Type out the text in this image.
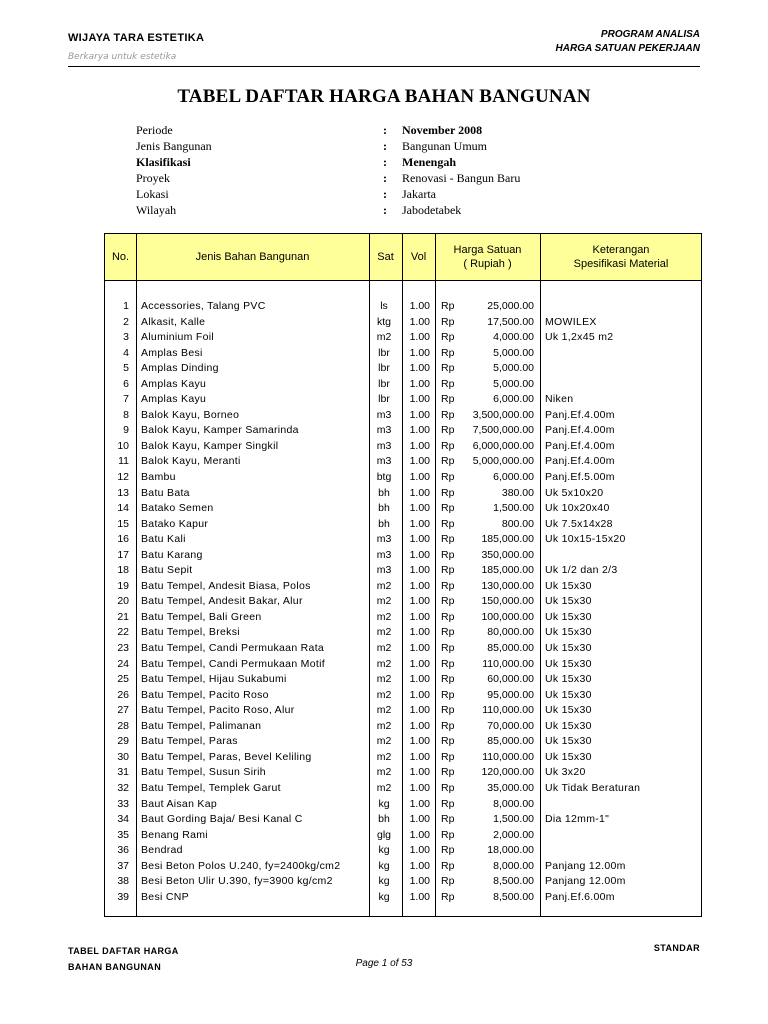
WIJAYA TARA ESTETIKA
Berkarya untuk estetika
PROGRAM ANALISA
HARGA SATUAN PEKERJAAN
TABEL DAFTAR HARGA BAHAN BANGUNAN
Periode	: November 2008
Jenis Bangunan	: Bangunan Umum
Klasifikasi	: Menengah
Proyek	: Renovasi - Bangun Baru
Lokasi	: Jakarta
Wilayah	: Jabodetabek
No.	Jenis Bahan Bangunan	Sat	Vol
Harga Satuan
( Rupiah )
Keterangan
Spesifikasi Material
1 Accessories, Talang PVC	ls	1.00 Rp	25,000.00
2 Alkasit, Kalle	ktg	1.00 Rp	17,500.00 MOWILEX
3 Aluminium Foil	m2	1.00 Rp	4,000.00 Uk 1,2x45 m2
4 Amplas Besi	lbr	1.00 Rp	5,000.00
5 Amplas Dinding	lbr	1.00 Rp	5,000.00
6 Amplas Kayu	lbr	1.00 Rp	5,000.00
7 Amplas Kayu	lbr	1.00 Rp	6,000.00 Niken
8 Balok Kayu, Borneo	m3	1.00 Rp	3,500,000.00 Panj.Ef.4.00m
9 Balok Kayu, Kamper Samarinda	m3	1.00 Rp	7,500,000.00 Panj.Ef.4.00m
10 Balok Kayu, Kamper Singkil	m3	1.00 Rp	6,000,000.00 Panj.Ef.4.00m
11 Balok Kayu, Meranti	m3	1.00 Rp	5,000,000.00 Panj.Ef.4.00m
12 Bambu	btg	1.00 Rp	6,000.00 Panj.Ef.5.00m
13 Batu Bata	bh	1.00 Rp	380.00 Uk 5x10x20
14 Batako Semen	bh	1.00 Rp	1,500.00 Uk 10x20x40
15 Batako Kapur	bh	1.00 Rp	800.00 Uk 7.5x14x28
16 Batu Kali	m3	1.00 Rp	185,000.00 Uk 10x15-15x20
17 Batu Karang	m3	1.00 Rp	350,000.00
18 Batu Sepit	m3	1.00 Rp	185,000.00 Uk 1/2 dan 2/3
19 Batu Tempel, Andesit Biasa, Polos	m2	1.00 Rp	130,000.00 Uk 15x30
20 Batu Tempel, Andesit Bakar, Alur	m2	1.00 Rp	150,000.00 Uk 15x30
21 Batu Tempel, Bali Green	m2	1.00 Rp	100,000.00 Uk 15x30
22 Batu Tempel, Breksi	m2	1.00 Rp	80,000.00 Uk 15x30
23 Batu Tempel, Candi Permukaan Rata	m2	1.00 Rp	85,000.00 Uk 15x30
24 Batu Tempel, Candi Permukaan Motif	m2	1.00 Rp	110,000.00 Uk 15x30
25 Batu Tempel, Hijau Sukabumi	m2	1.00 Rp	60,000.00 Uk 15x30
26 Batu Tempel, Pacito Roso	m2	1.00 Rp	95,000.00 Uk 15x30
27 Batu Tempel, Pacito Roso, Alur	m2	1.00 Rp	110,000.00 Uk 15x30
28 Batu Tempel, Palimanan	m2	1.00 Rp	70,000.00 Uk 15x30
29 Batu Tempel, Paras	m2	1.00 Rp	85,000.00 Uk 15x30
30 Batu Tempel, Paras, Bevel Keliling	m2	1.00 Rp	110,000.00 Uk 15x30
31 Batu Tempel, Susun Sirih	m2	1.00 Rp	120,000.00 Uk 3x20
32 Batu Tempel, Templek Garut	m2	1.00 Rp	35,000.00 Uk Tidak Beraturan
33 Baut Aisan Kap	kg	1.00 Rp	8,000.00
34 Baut Gording Baja/ Besi Kanal C	bh	1.00 Rp	1,500.00 Dia 12mm-1"
35 Benang Rami	glg	1.00 Rp	2,000.00
36 Bendrad	kg	1.00 Rp	18,000.00
37 Besi Beton Polos U.240, fy=2400kg/cm2	kg	1.00 Rp	8,000.00 Panjang 12.00m
38 Besi Beton Ulir U.390, fy=3900 kg/cm2	kg	1.00 Rp	8,500.00 Panjang 12.00m
39 Besi CNP	kg	1.00 Rp	8,500.00 Panj.Ef.6.00m
TABEL DAFTAR HARGA
BAHAN BANGUNAN	Page 1 of 53
STANDAR
